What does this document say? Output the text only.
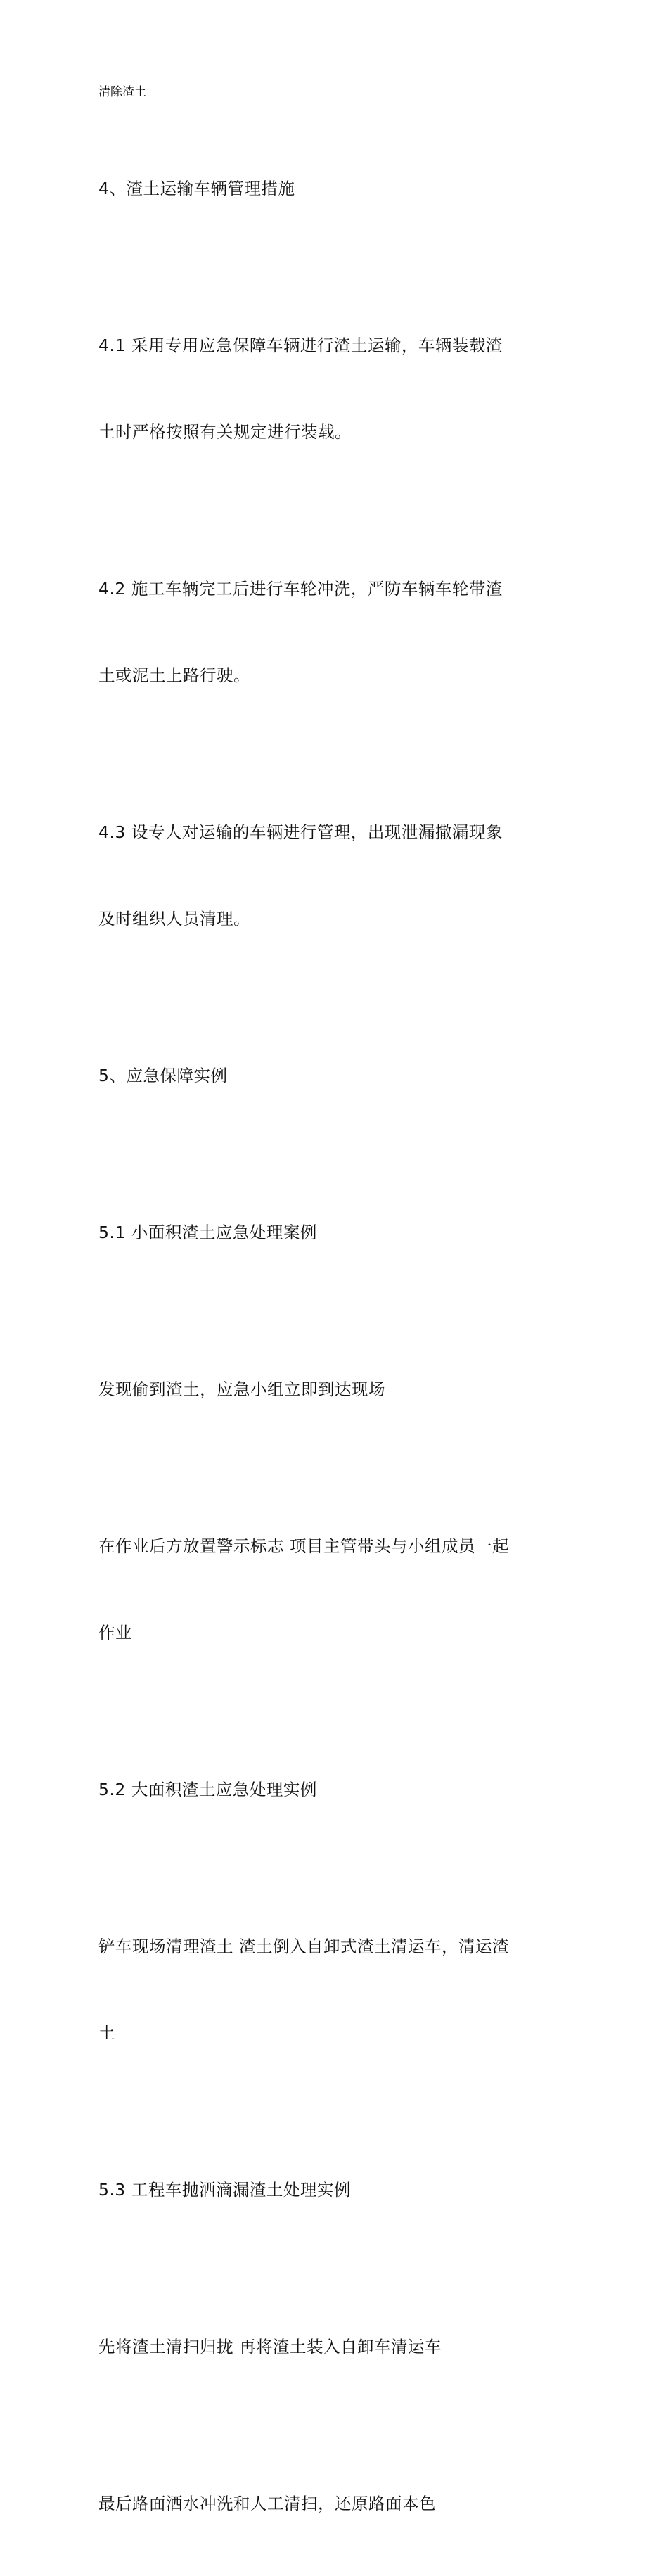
清除渣土

4、渣土运输车辆管理措施

4.1 采用专用应急保障车辆进行渣土运输，车辆装载渣

土时严格按照有关规定进行装载。

4.2 施工车辆完工后进行车轮冲洗，严防车辆车轮带渣

土或泥土上路行驶。

4.3 设专人对运输的车辆进行管理，出现泄漏撒漏现象

及时组织人员清理。

5、应急保障实例

5.1 小面积渣土应急处理案例

发现偷到渣土，应急小组立即到达现场

在作业后方放置警示标志 项目主管带头与小组成员一起

作业

5.2 大面积渣土应急处理实例

铲车现场清理渣土 渣土倒入自卸式渣土清运车，清运渣

土

5.3 工程车抛洒滴漏渣土处理实例

先将渣土清扫归拢 再将渣土装入自卸车清运车

最后路面洒水冲洗和人工清扫，还原路面本色
